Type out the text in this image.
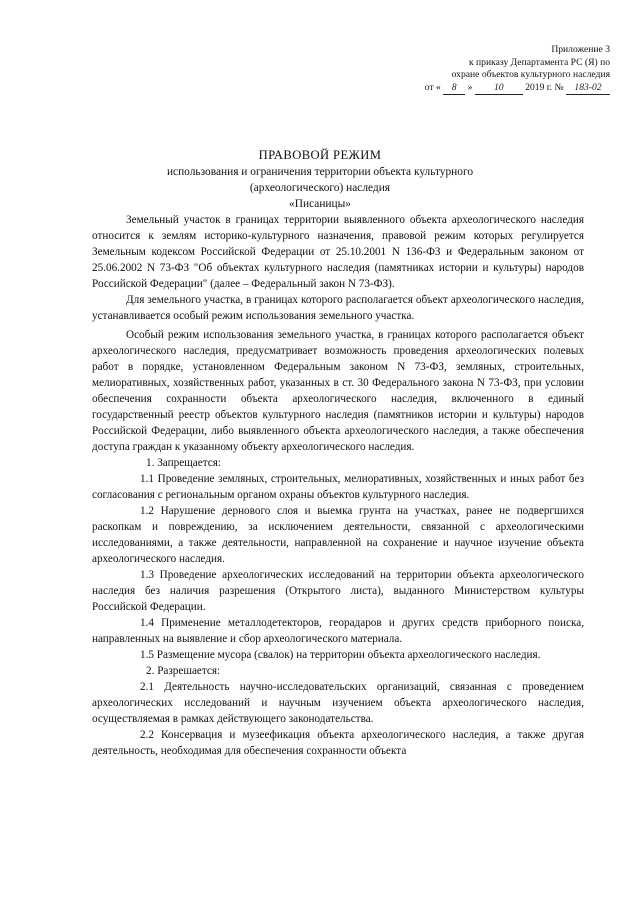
Приложение 3
к приказу Департамента РС (Я) по
охране объектов культурного наследия
от « 8 » 10 2019 г. № 183-02
ПРАВОВОЙ РЕЖИМ
использования и ограничения территории объекта культурного
(археологического) наследия
«Писаницы»

Земельный участок в границах территории выявленного объекта археологического наследия относится к землям историко-культурного назначения, правовой режим которых регулируется Земельным кодексом Российской Федерации от 25.10.2001 N 136-ФЗ и Федеральным законом от 25.06.2002 N 73-ФЗ "Об объектах культурного наследия (памятниках истории и культуры) народов Российской Федерации" (далее – Федеральный закон N 73-ФЗ).

Для земельного участка, в границах которого располагается объект археологического наследия, устанавливается особый режим использования земельного участка.

Особый режим использования земельного участка, в границах которого располагается объект археологического наследия, предусматривает возможность проведения археологических полевых работ в порядке, установленном Федеральным законом N 73-ФЗ, земляных, строительных, мелиоративных, хозяйственных работ, указанных в ст. 30 Федерального закона N 73-ФЗ, при условии обеспечения сохранности объекта археологического наследия, включенного в единый государственный реестр объектов культурного наследия (памятников истории и культуры) народов Российской Федерации, либо выявленного объекта археологического наследия, а также обеспечения доступа граждан к указанному объекту археологического наследия.

1. Запрещается:

1.1 Проведение земляных, строительных, мелиоративных, хозяйственных и иных работ без согласования с региональным органом охраны объектов культурного наследия.

1.2 Нарушение дернового слоя и выемка грунта на участках, ранее не подвергшихся раскопкам и повреждению, за исключением деятельности, связанной с археологическими исследованиями, а также деятельности, направленной на сохранение и научное изучение объекта археологического наследия.

1.3 Проведение археологических исследований на территории объекта археологического наследия без наличия разрешения (Открытого листа), выданного Министерством культуры Российской Федерации.

1.4 Применение металлодетекторов, георадаров и других средств приборного поиска, направленных на выявление и сбор археологического материала.

1.5 Размещение мусора (свалок) на территории объекта археологического наследия.

2. Разрешается:

2.1 Деятельность научно-исследовательских организаций, связанная с проведением археологических исследований и научным изучением объекта археологического наследия, осуществляемая в рамках действующего законодательства.

2.2 Консервация и музеефикация объекта археологического наследия, а также другая деятельность, необходимая для обеспечения сохранности объекта
